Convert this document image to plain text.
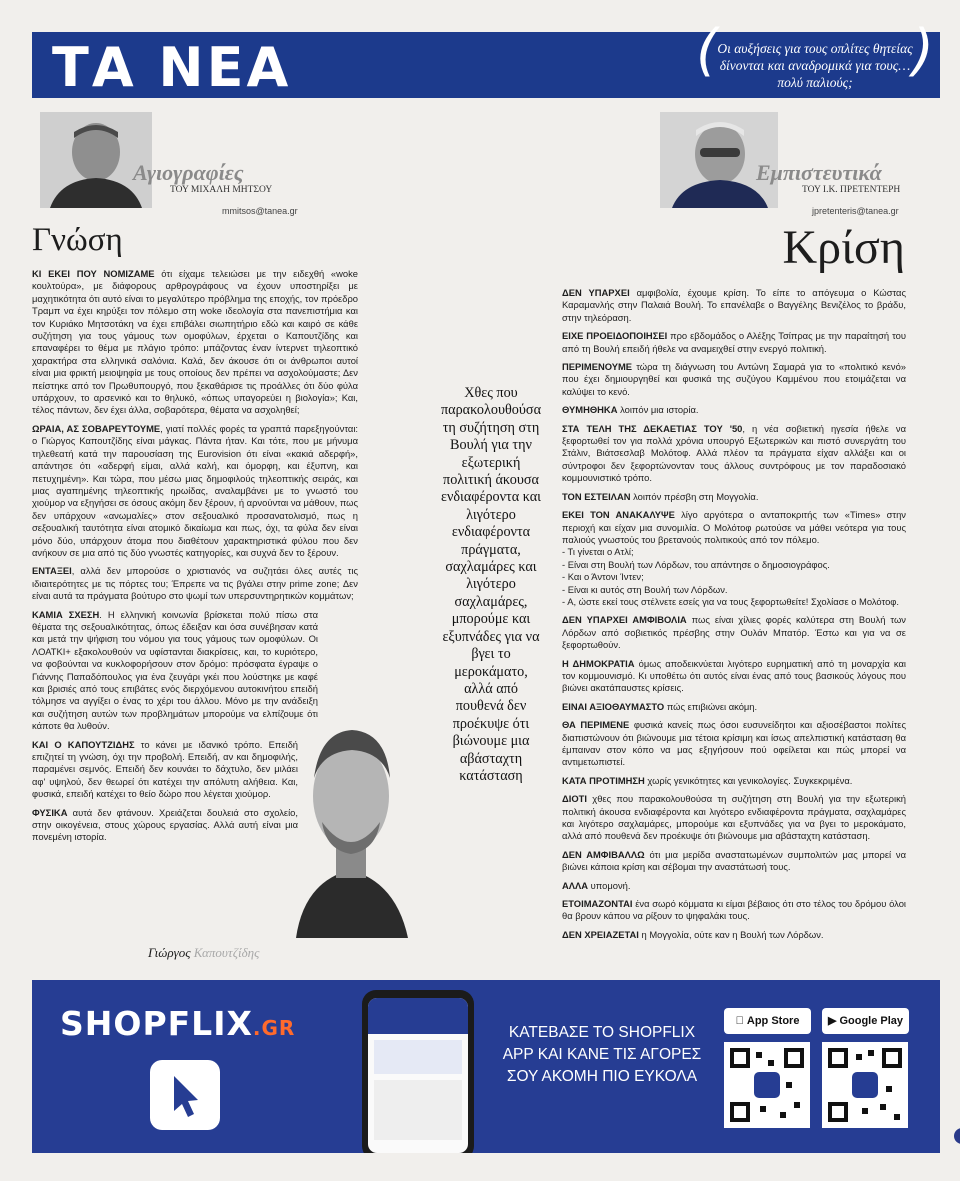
ΤΑ ΝΕΑ	( Οι αυξήσεις για τους οπλίτες θητείας δίνονται και αναδρομικά για τους… πολύ παλιούς; )
Αγιογραφίες
ΤΟΥ ΜΙΧΑΛΗ ΜΗΤΣΟΥ
mmitsos@tanea.gr
Γνώση
Εμπιστευτικά
ΤΟΥ Ι.Κ. ΠΡΕΤΕΝΤΕΡΗ
jpretenteris@tanea.gr
Κρίση

ΚΙ ΕΚΕΙ ΠΟΥ ΝΟΜΙΖΑΜΕ ότι είχαμε τελειώσει με την ειδεχθή «woke κουλτούρα», με διάφορους αρθρογράφους να έχουν υποστηρίξει με μαχητικότητα ότι αυτό είναι το μεγαλύτερο πρόβλημα της εποχής, τον πρόεδρο Τραμπ να έχει κηρύξει τον πόλεμο στη woke ιδεολογία στα πανεπιστήμια και τον Κυριάκο Μητσοτάκη να έχει επιβάλει σιωπητήριο εδώ και καιρό σε κάθε συζήτηση για τους γάμους των ομοφύλων, έρχεται ο Καπουτζίδης και επαναφέρει το θέμα με πλάγιο τρόπο: μπάζοντας έναν ίντερνετ τηλεοπτικό χαρακτήρα στα ελληνικά σαλόνια. Καλά, δεν άκουσε ότι οι άνθρωποι αυτοί είναι μια φρικτή μειοψηφία με τους οποίους δεν πρέπει να ασχολούμαστε; Δεν πείστηκε από τον Πρωθυπουργό, που ξεκαθάρισε τις προάλλες ότι δύο φύλα υπάρχουν, το αρσενικό και το θηλυκό, «όπως υπαγορεύει η βιολογία»; Και, τέλος πάντων, δεν έχει άλλα, σοβαρότερα, θέματα να ασχοληθεί;

ΩΡΑΙΑ, ΑΣ ΣΟΒΑΡΕΥΤΟΥΜΕ, γιατί πολλές φορές τα γραπτά παρεξηγούνται: ο Γιώργος Καπουτζίδης είναι μάγκας. Πάντα ήταν. Και τότε, που με μήνυμα τηλεθεατή κατά την παρουσίαση της Eurovision ότι είναι «κακιά αδερφή», απάντησε ότι «αδερφή είμαι, αλλά καλή, και όμορφη, και έξυπνη, και πετυχημένη». Και τώρα, που μέσω μιας δημοφιλούς τηλεοπτικής σειράς, και μιας αγαπημένης τηλεοπτικής ηρωίδας, αναλαμβάνει με το γνωστό του χιούμορ να εξηγήσει σε όσους ακόμη δεν ξέρουν, ή αρνούνται να μάθουν, πως δεν υπάρχουν «ανωμαλίες» στον σεξουαλικό προσανατολισμό, πως η σεξουαλική ταυτότητα είναι ατομικό δικαίωμα και πως, όχι, τα φύλα δεν είναι μόνο δύο, υπάρχουν άτομα που διαθέτουν χαρακτηριστικά φύλου που δεν ανήκουν σε μια από τις δύο γνωστές κατηγορίες, και συχνά δεν το ξέρουν.

ΕΝΤΑΞΕΙ, αλλά δεν μπορούσε ο χριστιανός να συζητάει όλες αυτές τις ιδιαιτερότητες με τις πόρτες του; Έπρεπε να τις βγάλει στην prime zone; Δεν είναι αυτά τα πράγματα βούτυρο στο ψωμί των υπερσυντηρητικών κομμάτων;

ΚΑΜΙΑ ΣΧΕΣΗ. Η ελληνική κοινωνία βρίσκεται πολύ πίσω στα θέματα της σεξουαλικότητας, όπως έδειξαν και όσα συνέβησαν κατά και μετά την ψήφιση του νόμου για τους γάμους των ομοφύλων. Οι ΛΟΑΤΚΙ+ εξακολουθούν να υφίστανται διακρίσεις, και, το κυριότερο, να φοβούνται να κυκλοφορήσουν στον δρόμο: πρόσφατα έγραψε ο Γιάννης Παπαδόπουλος για ένα ζευγάρι γκέι που λούστηκε με καφέ και βρισιές από τους επιβάτες ενός διερχόμενου αυτοκινήτου επειδή τόλμησε να αγγίξει ο ένας το χέρι του άλλου. Μόνο με την ανάδειξη και συζήτηση αυτών των προβλημάτων μπορούμε να ελπίζουμε ότι κάποτε θα λυθούν.

ΚΑΙ Ο ΚΑΠΟΥΤΖΙΔΗΣ το κάνει με ιδανικό τρόπο. Επειδή επιζητεί τη γνώση, όχι την προβολή. Επειδή, αν και δημοφιλής, παραμένει σεμνός. Επειδή δεν κουνάει το δάχτυλο, δεν μιλάει αφ' υψηλού, δεν θεωρεί ότι κατέχει την απόλυτη αλήθεια. Και, φυσικά, επειδή κατέχει το θείο δώρο που λέγεται χιούμορ.

ΦΥΣΙΚΑ αυτά δεν φτάνουν. Χρειάζεται δουλειά στο σχολείο, στην οικογένεια, στους χώρους εργασίας. Αλλά αυτή είναι μια πονεμένη ιστορία.

Γιώργος Καπουτζίδης
Χθες που παρακολουθούσα τη συζήτηση στη Βουλή για την εξωτερική πολιτική άκουσα ενδιαφέροντα και λιγότερο ενδιαφέροντα πράγματα, σαχλαμάρες και λιγότερο σαχλαμάρες, μπορούμε και εξυπνάδες για να βγει το μεροκάματο, αλλά από πουθενά δεν προέκυψε ότι βιώνουμε μια αβάσταχτη κατάσταση

ΔΕΝ ΥΠΑΡΧΕΙ αμφιβολία, έχουμε κρίση. Το είπε το απόγευμα ο Κώστας Καραμανλής στην Παλαιά Βουλή. Το επανέλαβε ο Βαγγέλης Βενιζέλος το βράδυ, στην τηλεόραση.

ΕΙΧΕ ΠΡΟΕΙΔΟΠΟΙΗΣΕΙ προ εβδομάδος ο Αλέξης Τσίπρας με την παραίτησή του από τη Βουλή επειδή ήθελε να αναμειχθεί στην ενεργό πολιτική.

ΠΕΡΙΜΕΝΟΥΜΕ τώρα τη διάγνωση του Αντώνη Σαμαρά για το «πολιτικό κενό» που έχει δημιουργηθεί και φυσικά της συζύγου Καμμένου που ετοιμάζεται να καλύψει το κενό.

ΘΥΜΗΘΗΚΑ λοιπόν μια ιστορία.

ΣΤΑ ΤΕΛΗ ΤΗΣ ΔΕΚΑΕΤΙΑΣ ΤΟΥ '50, η νέα σοβιετική ηγεσία ήθελε να ξεφορτωθεί τον για πολλά χρόνια υπουργό Εξωτερικών και πιστό συνεργάτη του Στάλιν, Βιάτσεσλαβ Μολότοφ. Αλλά πλέον τα πράγματα είχαν αλλάξει και οι σύντροφοι δεν ξεφορτώνονταν τους άλλους συντρόφους με τον παραδοσιακό κομμουνιστικό τρόπο.

ΤΟΝ ΕΣΤΕΙΛΑΝ λοιπόν πρέσβη στη Μογγολία.

ΕΚΕΙ ΤΟΝ ΑΝΑΚΑΛΥΨΕ λίγο αργότερα ο ανταποκριτής των «Times» στην περιοχή και είχαν μια συνομιλία. Ο Μολότοφ ρωτούσε να μάθει νεότερα για τους παλιούς γνωστούς του βρετανούς πολιτικούς από τον πόλεμο.
- Τι γίνεται ο Ατλί;
- Είναι στη Βουλή των Λόρδων, του απάντησε ο δημοσιογράφος.
- Και ο Άντονι Ίντεν;
- Είναι κι αυτός στη Βουλή των Λόρδων.
- Α, ώστε εκεί τους στέλνετε εσείς για να τους ξεφορτωθείτε! Σχολίασε ο Μολότοφ.

ΔΕΝ ΥΠΑΡΧΕΙ ΑΜΦΙΒΟΛΙΑ πως είναι χίλιες φορές καλύτερα στη Βουλή των Λόρδων από σοβιετικός πρέσβης στην Ουλάν Μπατόρ. Έστω και για να σε ξεφορτωθούν.

Η ΔΗΜΟΚΡΑΤΙΑ όμως αποδεικνύεται λιγότερο ευρηματική από τη μοναρχία και τον κομμουνισμό. Κι υποθέτω ότι αυτός είναι ένας από τους βασικούς λόγους που βιώνει ακατάπαυστες κρίσεις.

ΕΙΝΑΙ ΑΞΙΟΘΑΥΜΑΣΤΟ πώς επιβιώνει ακόμη.

ΘΑ ΠΕΡΙΜΕΝΕ φυσικά κανείς πως όσοι ευσυνείδητοι και αξιοσέβαστοι πολίτες διαπιστώνουν ότι βιώνουμε μια τέτοια κρίσιμη και ίσως απελπιστική κατάσταση θα έμπαιναν στον κόπο να μας εξηγήσουν πού οφείλεται και πώς μπορεί να αντιμετωπιστεί.

ΚΑΤΑ ΠΡΟΤΙΜΗΣΗ χωρίς γενικότητες και γενικολογίες. Συγκεκριμένα.

ΔΙΟΤΙ χθες που παρακολουθούσα τη συζήτηση στη Βουλή για την εξωτερική πολιτική άκουσα ενδιαφέροντα και λιγότερο ενδιαφέροντα πράγματα, σαχλαμάρες και λιγότερο σαχλαμάρες, μπορούμε και εξυπνάδες για να βγει το μεροκάματο, αλλά από πουθενά δεν προέκυψε ότι βιώνουμε μια αβάσταχτη κατάσταση.

ΔΕΝ ΑΜΦΙΒΑΛΛΩ ότι μια μερίδα αναστατωμένων συμπολιτών μας μπορεί να βιώνει κάποια κρίση και σέβομαι την αναστάτωσή τους.

ΑΛΛΑ υπομονή.

ΕΤΟΙΜΑΖΟΝΤΑΙ ένα σωρό κόμματα κι είμαι βέβαιος ότι στο τέλος του δρόμου όλοι θα βρουν κάπου να ρίξουν το ψηφαλάκι τους.

ΔΕΝ ΧΡΕΙΑΖΕΤΑΙ η Μογγολία, ούτε καν η Βουλή των Λόρδων.

SHOPFLIX.GR	ΚΑΤΕΒΑΣΕ ΤΟ SHOPFLIX APP ΚΑΙ ΚΑΝΕ ΤΙΣ ΑΓΟΡΕΣ ΣΟΥ ΑΚΟΜΗ ΠΙΟ ΕΥΚΟΛΑ
App Store	▶ Google Play
